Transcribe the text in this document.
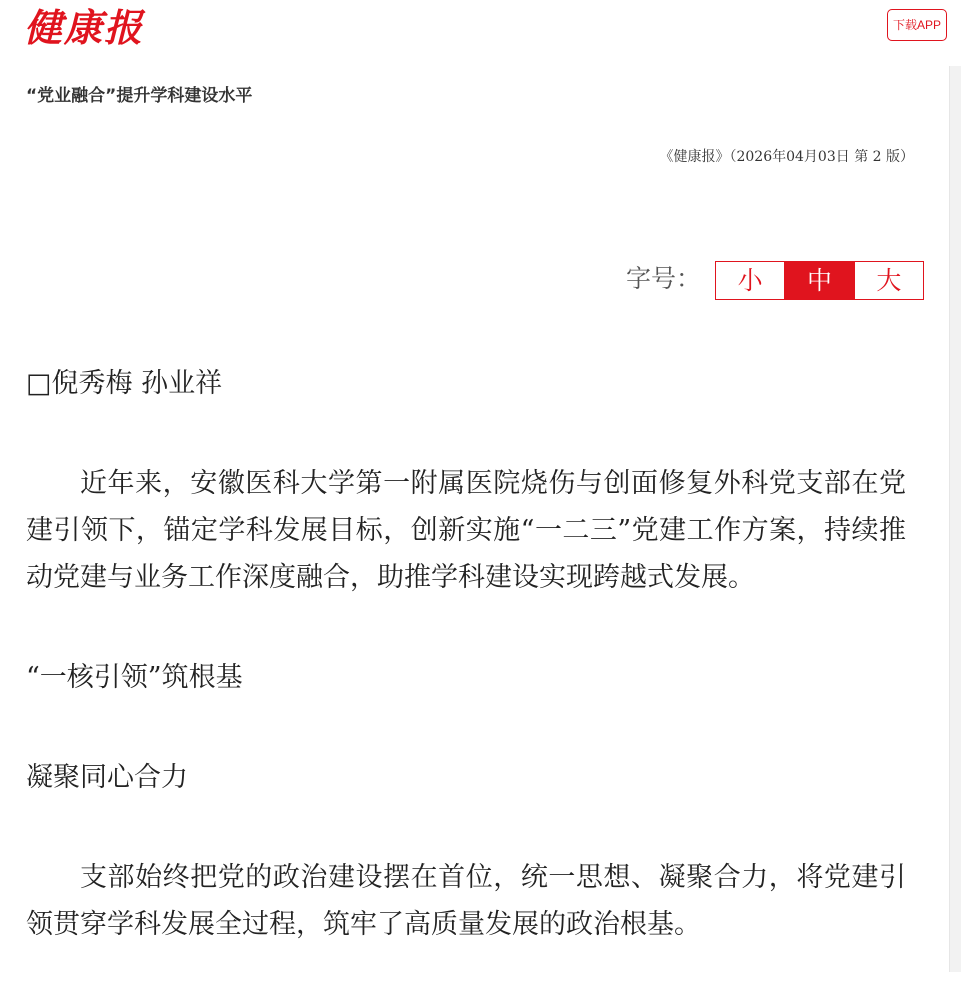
健康报	下载APP
“党业融合”提升学科建设水平
《健康报》（2026年04月03日 第 2 版）
字号：	小	中	大

□倪秀梅 孙业祥

近年来，安徽医科大学第一附属医院烧伤与创面修复外科党支部在党建引领下，锚定学科发展目标，创新实施“一二三”党建工作方案，持续推动党建与业务工作深度融合，助推学科建设实现跨越式发展。

“一核引领”筑根基

凝聚同心合力

支部始终把党的政治建设摆在首位，统一思想、凝聚合力，将党建引领贯穿学科发展全过程，筑牢了高质量发展的政治根基。
